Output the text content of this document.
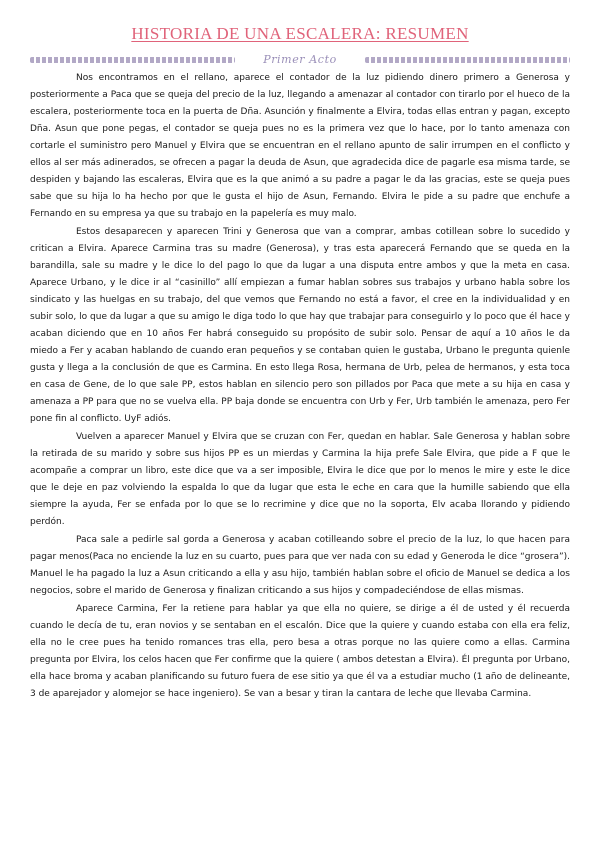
HISTORIA DE UNA ESCALERA: RESUMEN
Primer Acto

Nos encontramos en el rellano, aparece el contador de la luz pidiendo dinero primero a Generosa y posteriormente a Paca que se queja del precio de la luz, llegando a amenazar al contador con tirarlo por el hueco de la escalera, posteriormente toca en la puerta de Dña. Asunción y finalmente a Elvira, todas ellas entran y pagan, excepto Dña. Asun que pone pegas, el contador se queja pues no es la primera vez que lo hace, por lo tanto amenaza con cortarle el suministro pero Manuel y Elvira que se encuentran en el rellano apunto de salir irrumpen en el conflicto y ellos al ser más adinerados, se ofrecen a pagar la deuda de Asun, que agradecida dice de pagarle esa misma tarde, se despiden y bajando las escaleras, Elvira que es la que animó a su padre a pagar le da las gracias, este se queja pues sabe que su hija lo ha hecho por que le gusta el hijo de Asun, Fernando. Elvira le pide a su padre que enchufe a Fernando en su empresa ya que su trabajo en la papelería es muy malo.

Estos desaparecen y aparecen Trini y Generosa que van a comprar, ambas cotillean sobre lo sucedido y critican a Elvira. Aparece Carmina tras su madre (Generosa), y tras esta aparecerá Fernando que se queda en la barandilla, sale su madre y le dice lo del pago lo que da lugar a una disputa entre ambos y que la meta en casa. Aparece Urbano, y le dice ir al “casinillo” allí empiezan a fumar hablan sobres sus trabajos y urbano habla sobre los sindicato y las huelgas en su trabajo, del que vemos que Fernando no está a favor, el cree en la individualidad y en subir solo, lo que da lugar a que su amigo le diga todo lo que hay que trabajar para conseguirlo y lo poco que él hace y acaban diciendo que en 10 años Fer habrá conseguido su propósito de subir solo. Pensar de aquí a 10 años le da miedo a Fer y acaban hablando de cuando eran pequeños y se contaban quien le gustaba, Urbano le pregunta quienle gusta y llega a la conclusión de que es Carmina. En esto llega Rosa, hermana de Urb, pelea de hermanos, y esta toca en casa de Gene, de lo que sale PP, estos hablan en silencio pero son pillados por Paca que mete a su hija en casa y amenaza a PP para que no se vuelva ella. PP baja donde se encuentra con Urb y Fer, Urb también le amenaza, pero Fer pone fin al conflicto. UyF adiós.

Vuelven a aparecer Manuel y Elvira que se cruzan con Fer, quedan en hablar. Sale Generosa y hablan sobre la retirada de su marido y sobre sus hijos PP es un mierdas y Carmina la hija prefe Sale Elvira, que pide a F que le acompañe a comprar un libro, este dice que va a ser imposible, Elvira le dice que por lo menos le mire y este le dice que le deje en paz volviendo la espalda lo que da lugar que esta le eche en cara que la humille sabiendo que ella siempre la ayuda, Fer se enfada por lo que se lo recrimine y dice que no la soporta, Elv acaba llorando y pidiendo perdón.

Paca sale a pedirle sal gorda a Generosa y acaban cotilleando sobre el precio de la luz, lo que hacen para pagar menos(Paca no enciende la luz en su cuarto, pues para que ver nada con su edad y Generoda le dice “grosera”). Manuel le ha pagado la luz a Asun criticando a ella y asu hijo, también hablan sobre el oficio de Manuel se dedica a los negocios, sobre el marido de Generosa y finalizan criticando a sus hijos y compadeciéndose de ellas mismas.

Aparece Carmina, Fer la retiene para hablar ya que ella no quiere, se dirige a él de usted y él recuerda cuando le decía de tu, eran novios y se sentaban en el escalón. Dice que la quiere y cuando estaba con ella era feliz, ella no le cree pues ha tenido romances tras ella, pero besa a otras porque no las quiere como a ellas. Carmina pregunta por Elvira, los celos hacen que Fer confirme que la quiere ( ambos detestan a Elvira). Él pregunta por Urbano, ella hace broma y acaban planificando su futuro fuera de ese sitio ya que él va a estudiar mucho (1 año de delineante, 3 de aparejador y alomejor se hace ingeniero). Se van a besar y tiran la cantara de leche que llevaba Carmina.
